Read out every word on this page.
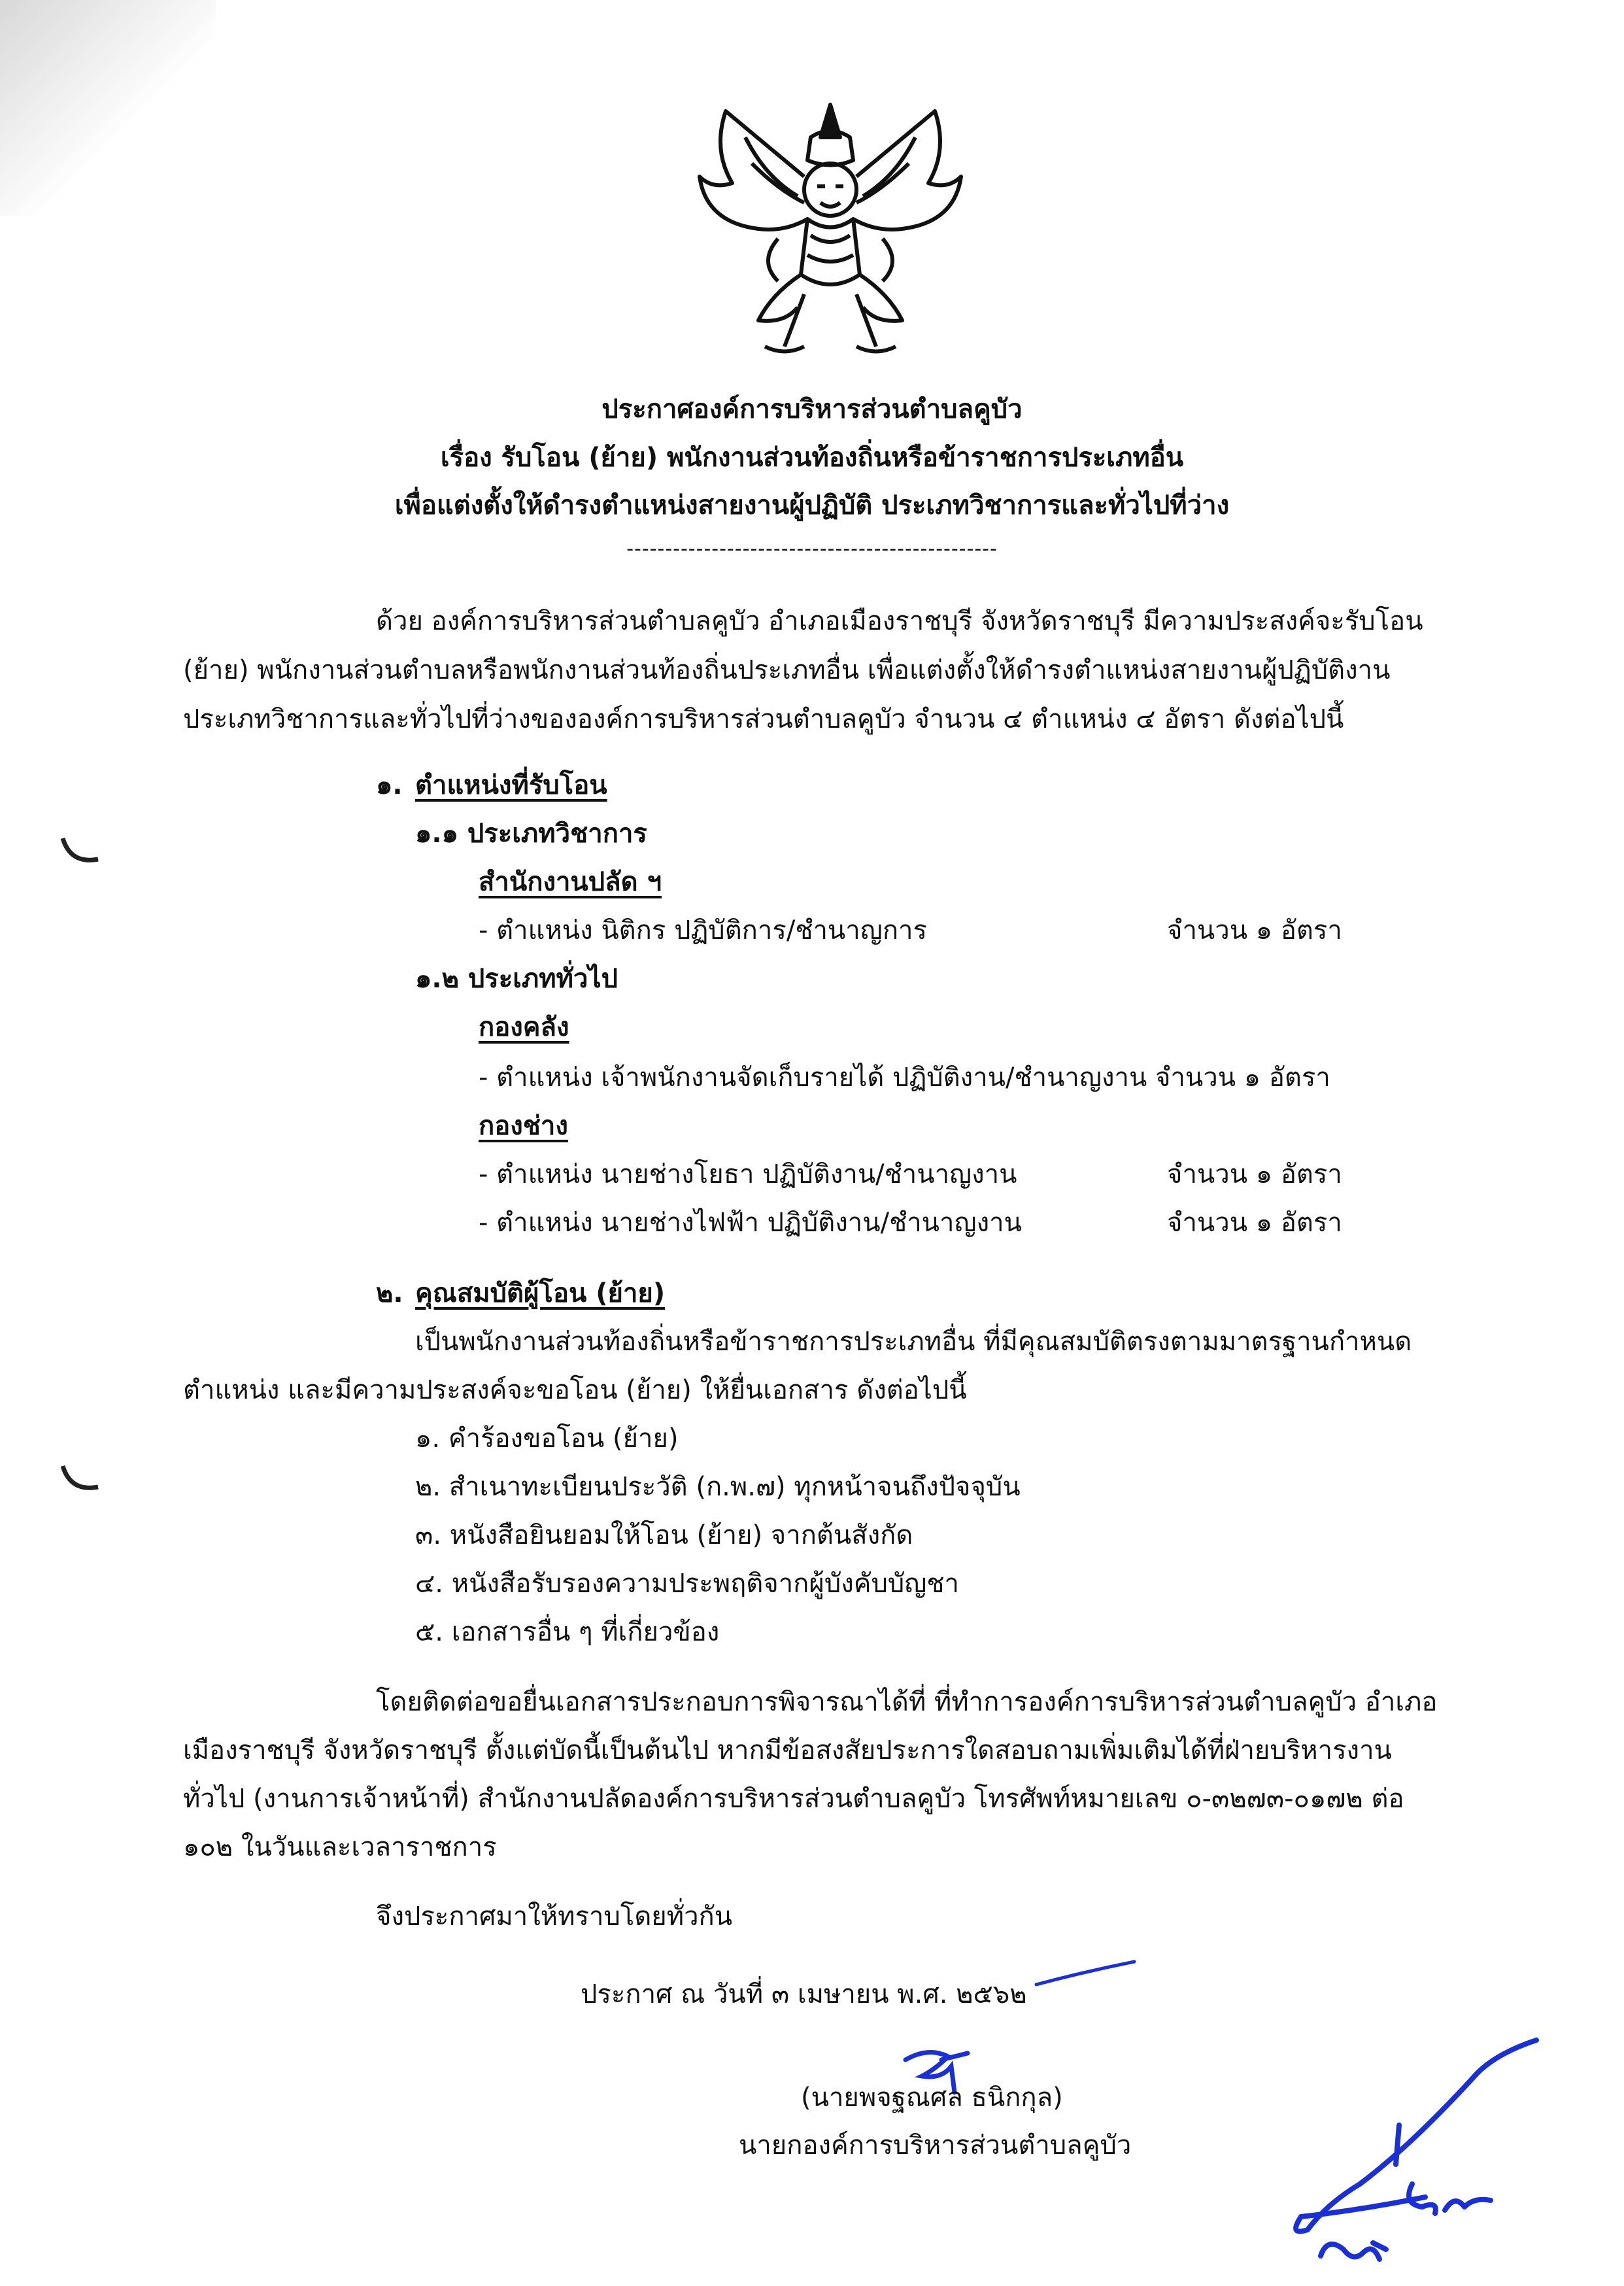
ประกาศองค์การบริหารส่วนตำบลคูบัว
เรื่อง รับโอน (ย้าย) พนักงานส่วนท้องถิ่นหรือข้าราชการประเภทอื่น
เพื่อแต่งตั้งให้ดำรงตำแหน่งสายงานผู้ปฏิบัติ ประเภทวิชาการและทั่วไปที่ว่าง
------------------------------------------------
ด้วย องค์การบริหารส่วนตำบลคูบัว อำเภอเมืองราชบุรี จังหวัดราชบุรี มีความประสงค์จะรับโอน
(ย้าย) พนักงานส่วนตำบลหรือพนักงานส่วนท้องถิ่นประเภทอื่น เพื่อแต่งตั้งให้ดำรงตำแหน่งสายงานผู้ปฏิบัติงาน
ประเภทวิชาการและทั่วไปที่ว่างขององค์การบริหารส่วนตำบลคูบัว จำนวน ๔ ตำแหน่ง ๔ อัตรา ดังต่อไปนี้
๑. ตำแหน่งที่รับโอน
๑.๑ ประเภทวิชาการ
สำนักงานปลัด ฯ
- ตำแหน่ง นิติกร ปฏิบัติการ/ชำนาญการ	จำนวน ๑ อัตรา
๑.๒ ประเภททั่วไป
กองคลัง
- ตำแหน่ง เจ้าพนักงานจัดเก็บรายได้ ปฏิบัติงาน/ชำนาญงาน จำนวน ๑ อัตรา
กองช่าง
- ตำแหน่ง นายช่างโยธา ปฏิบัติงาน/ชำนาญงาน	จำนวน ๑ อัตรา
- ตำแหน่ง นายช่างไฟฟ้า ปฏิบัติงาน/ชำนาญงาน	จำนวน ๑ อัตรา
๒. คุณสมบัติผู้โอน (ย้าย)
เป็นพนักงานส่วนท้องถิ่นหรือข้าราชการประเภทอื่น ที่มีคุณสมบัติตรงตามมาตรฐานกำหนด
ตำแหน่ง และมีความประสงค์จะขอโอน (ย้าย) ให้ยื่นเอกสาร ดังต่อไปนี้
๑. คำร้องขอโอน (ย้าย)
๒. สำเนาทะเบียนประวัติ (ก.พ.๗) ทุกหน้าจนถึงปัจจุบัน
๓. หนังสือยินยอมให้โอน (ย้าย) จากต้นสังกัด
๔. หนังสือรับรองความประพฤติจากผู้บังคับบัญชา
๕. เอกสารอื่น ๆ ที่เกี่ยวข้อง
โดยติดต่อขอยื่นเอกสารประกอบการพิจารณาได้ที่ ที่ทำการองค์การบริหารส่วนตำบลคูบัว อำเภอ
เมืองราชบุรี จังหวัดราชบุรี ตั้งแต่บัดนี้เป็นต้นไป หากมีข้อสงสัยประการใดสอบถามเพิ่มเติมได้ที่ฝ่ายบริหารงาน
ทั่วไป (งานการเจ้าหน้าที่) สำนักงานปลัดองค์การบริหารส่วนตำบลคูบัว โทรศัพท์หมายเลข ๐-๓๒๗๓-๐๑๗๒ ต่อ
๑๐๒ ในวันและเวลาราชการ
จึงประกาศมาให้ทราบโดยทั่วกัน
ประกาศ ณ วันที่ ๓ เมษายน พ.ศ. ๒๕๖๒
(นายพจฐณศล ธนิกกุล)
นายกองค์การบริหารส่วนตำบลคูบัว
